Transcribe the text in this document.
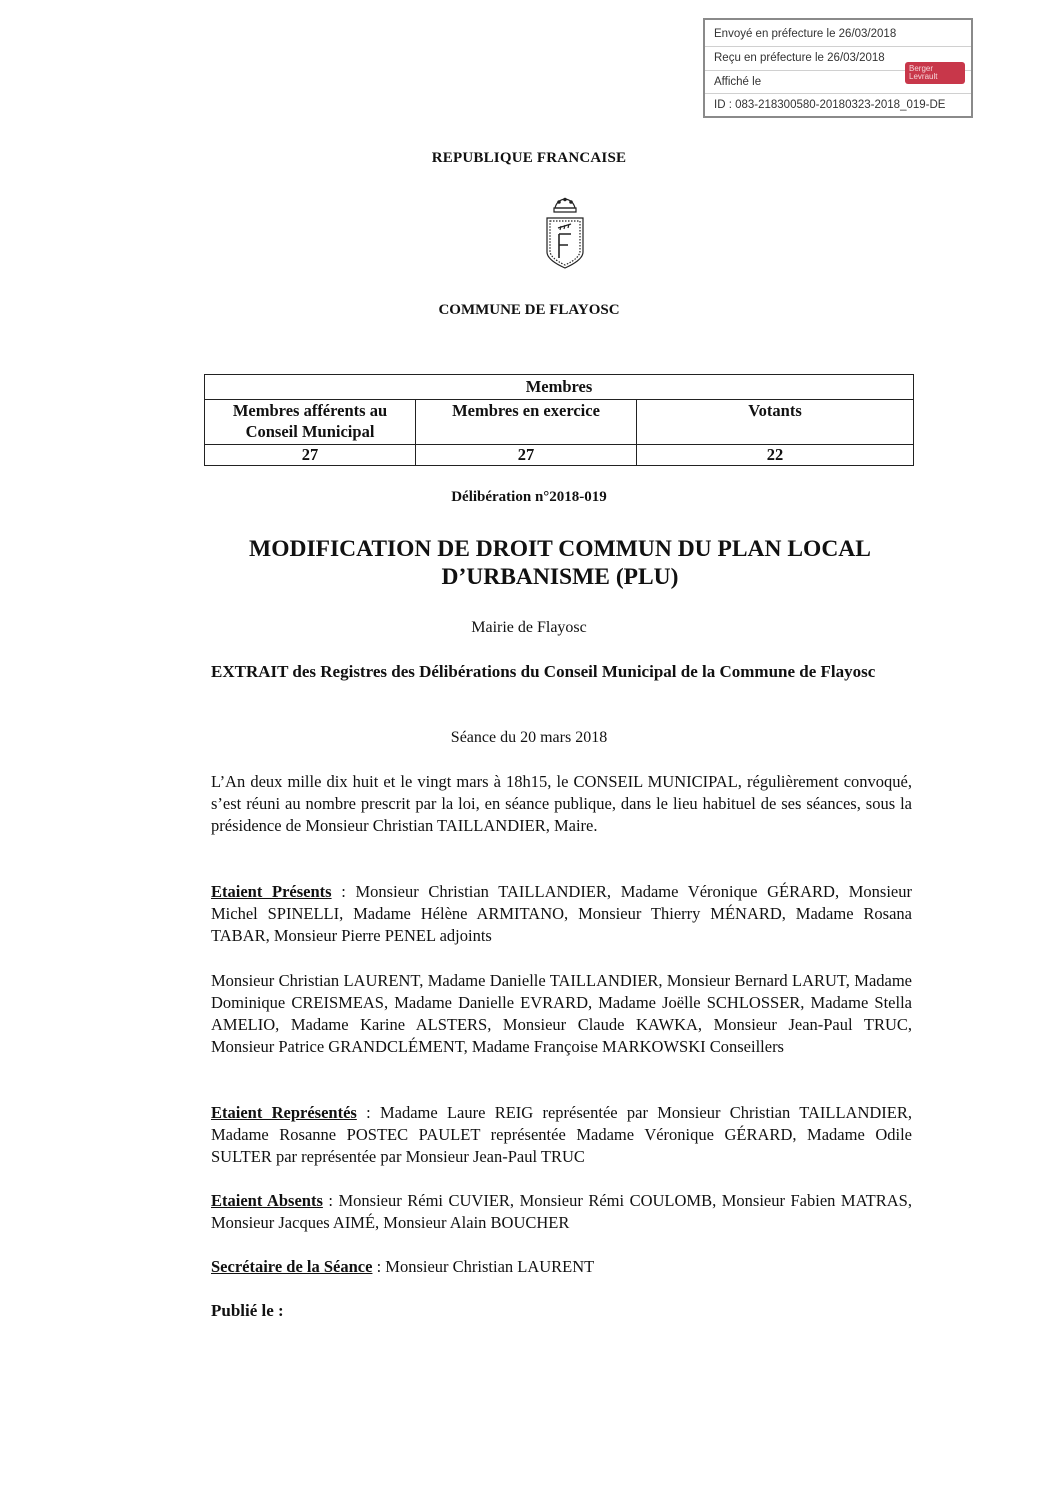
Envoyé en préfecture le 26/03/2018
Reçu en préfecture le 26/03/2018
Affiché le
ID : 083-218300580-20180323-2018_019-DE
Berger
Levrault
REPUBLIQUE FRANCAISE
COMMUNE DE FLAYOSC
Membres		
Membres afférents au Conseil Municipal	Membres en exercice	Votants
27	27	22
Délibération n°2018-019
MODIFICATION DE DROIT COMMUN DU PLAN LOCAL D’URBANISME (PLU)
Mairie de Flayosc
EXTRAIT des Registres des Délibérations du Conseil Municipal de la Commune de Flayosc
Séance du 20 mars 2018
L’An deux mille dix huit et le vingt mars à 18h15, le CONSEIL MUNICIPAL, régulièrement convoqué, s’est réuni au nombre prescrit par la loi, en séance publique, dans le lieu habituel de ses séances, sous la présidence de Monsieur Christian TAILLANDIER, Maire.
Etaient Présents : Monsieur Christian TAILLANDIER, Madame Véronique GÉRARD, Monsieur Michel SPINELLI, Madame Hélène ARMITANO, Monsieur Thierry MÉNARD, Madame Rosana TABAR, Monsieur Pierre PENEL adjoints
Monsieur Christian LAURENT, Madame Danielle TAILLANDIER, Monsieur Bernard LARUT, Madame Dominique CREISMEAS, Madame Danielle EVRARD, Madame Joëlle SCHLOSSER, Madame Stella AMELIO, Madame Karine ALSTERS, Monsieur Claude KAWKA, Monsieur Jean-Paul TRUC, Monsieur Patrice GRANDCLÉMENT, Madame Françoise MARKOWSKI Conseillers
Etaient Représentés : Madame Laure REIG représentée par Monsieur Christian TAILLANDIER, Madame Rosanne POSTEC PAULET représentée Madame Véronique GÉRARD, Madame Odile SULTER par représentée par Monsieur Jean-Paul TRUC
Etaient Absents : Monsieur Rémi CUVIER, Monsieur Rémi COULOMB, Monsieur Fabien MATRAS, Monsieur Jacques AIMÉ, Monsieur Alain BOUCHER
Secrétaire de la Séance : Monsieur Christian LAURENT
Publié le :
